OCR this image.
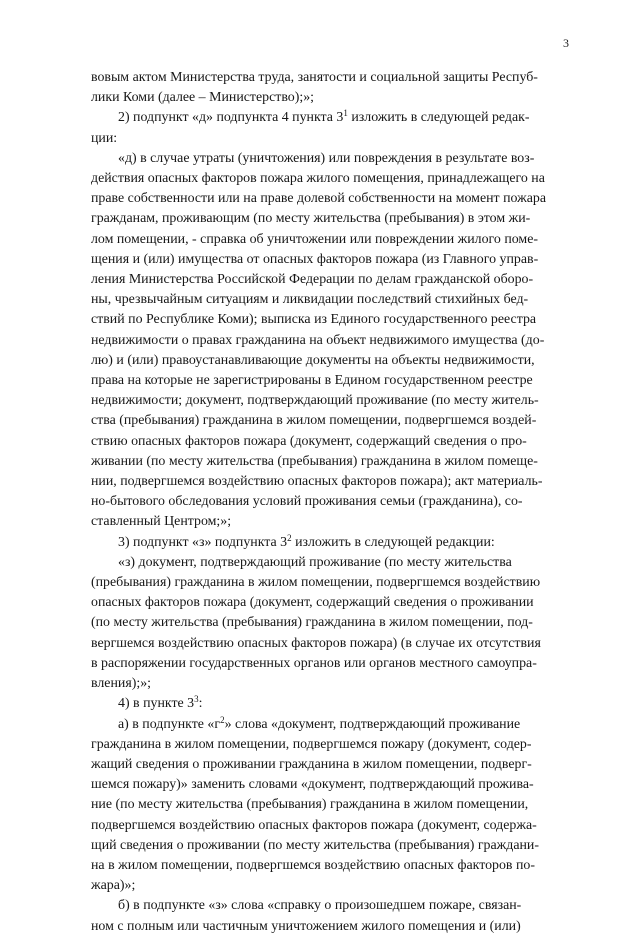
3

вовым актом Министерства труда, занятости и социальной защиты Респуб-
лики Коми (далее – Министерство);»;

2) подпункт «д» подпункта 4 пункта $3^1$ изложить в следующей редак-
ции:

«д) в случае утраты (уничтожения) или повреждения в результате воз-
действия опасных факторов пожара жилого помещения, принадлежащего на
праве собственности или на праве долевой собственности на момент пожара
гражданам, проживающим (по месту жительства (пребывания) в этом жи-
лом помещении, - справка об уничтожении или повреждении жилого поме-
щения и (или) имущества от опасных факторов пожара (из Главного управ-
ления Министерства Российской Федерации по делам гражданской оборо-
ны, чрезвычайным ситуациям и ликвидации последствий стихийных бед-
ствий по Республике Коми); выписка из Единого государственного реестра
недвижимости о правах гражданина на объект недвижимого имущества (до-
лю) и (или) правоустанавливающие документы на объекты недвижимости,
права на которые не зарегистрированы в Едином государственном реестре
недвижимости; документ, подтверждающий проживание (по месту житель-
ства (пребывания) гражданина в жилом помещении, подвергшемся воздей-
ствию опасных факторов пожара (документ, содержащий сведения о про-
живании (по месту жительства (пребывания) гражданина в жилом помеще-
нии, подвергшемся воздействию опасных факторов пожара); акт материаль-
но-бытового обследования условий проживания семьи (гражданина), со-
ставленный Центром;»;

3) подпункт «з» подпункта $3^2$ изложить в следующей редакции:

«з) документ, подтверждающий проживание (по месту жительства
(пребывания) гражданина в жилом помещении, подвергшемся воздействию
опасных факторов пожара (документ, содержащий сведения о проживании
(по месту жительства (пребывания) гражданина в жилом помещении, под-
вергшемся воздействию опасных факторов пожара) (в случае их отсутствия
в распоряжении государственных органов или органов местного самоупра-
вления);»;

4) в пункте $3^3$:

а) в подпункте «$г^2$» слова «документ, подтверждающий проживание
гражданина в жилом помещении, подвергшемся пожару (документ, содер-
жащий сведения о проживании гражданина в жилом помещении, подверг-
шемся пожару)» заменить словами «документ, подтверждающий прожива-
ние (по месту жительства (пребывания) гражданина в жилом помещении,
подвергшемся воздействию опасных факторов пожара (документ, содержа-
щий сведения о проживании (по месту жительства (пребывания) граждани-
на в жилом помещении, подвергшемся воздействию опасных факторов по-
жара)»;

б) в подпункте «з» слова «справку о произошедшем пожаре, связан-
ном с полным или частичным уничтожением жилого помещения и (или)
